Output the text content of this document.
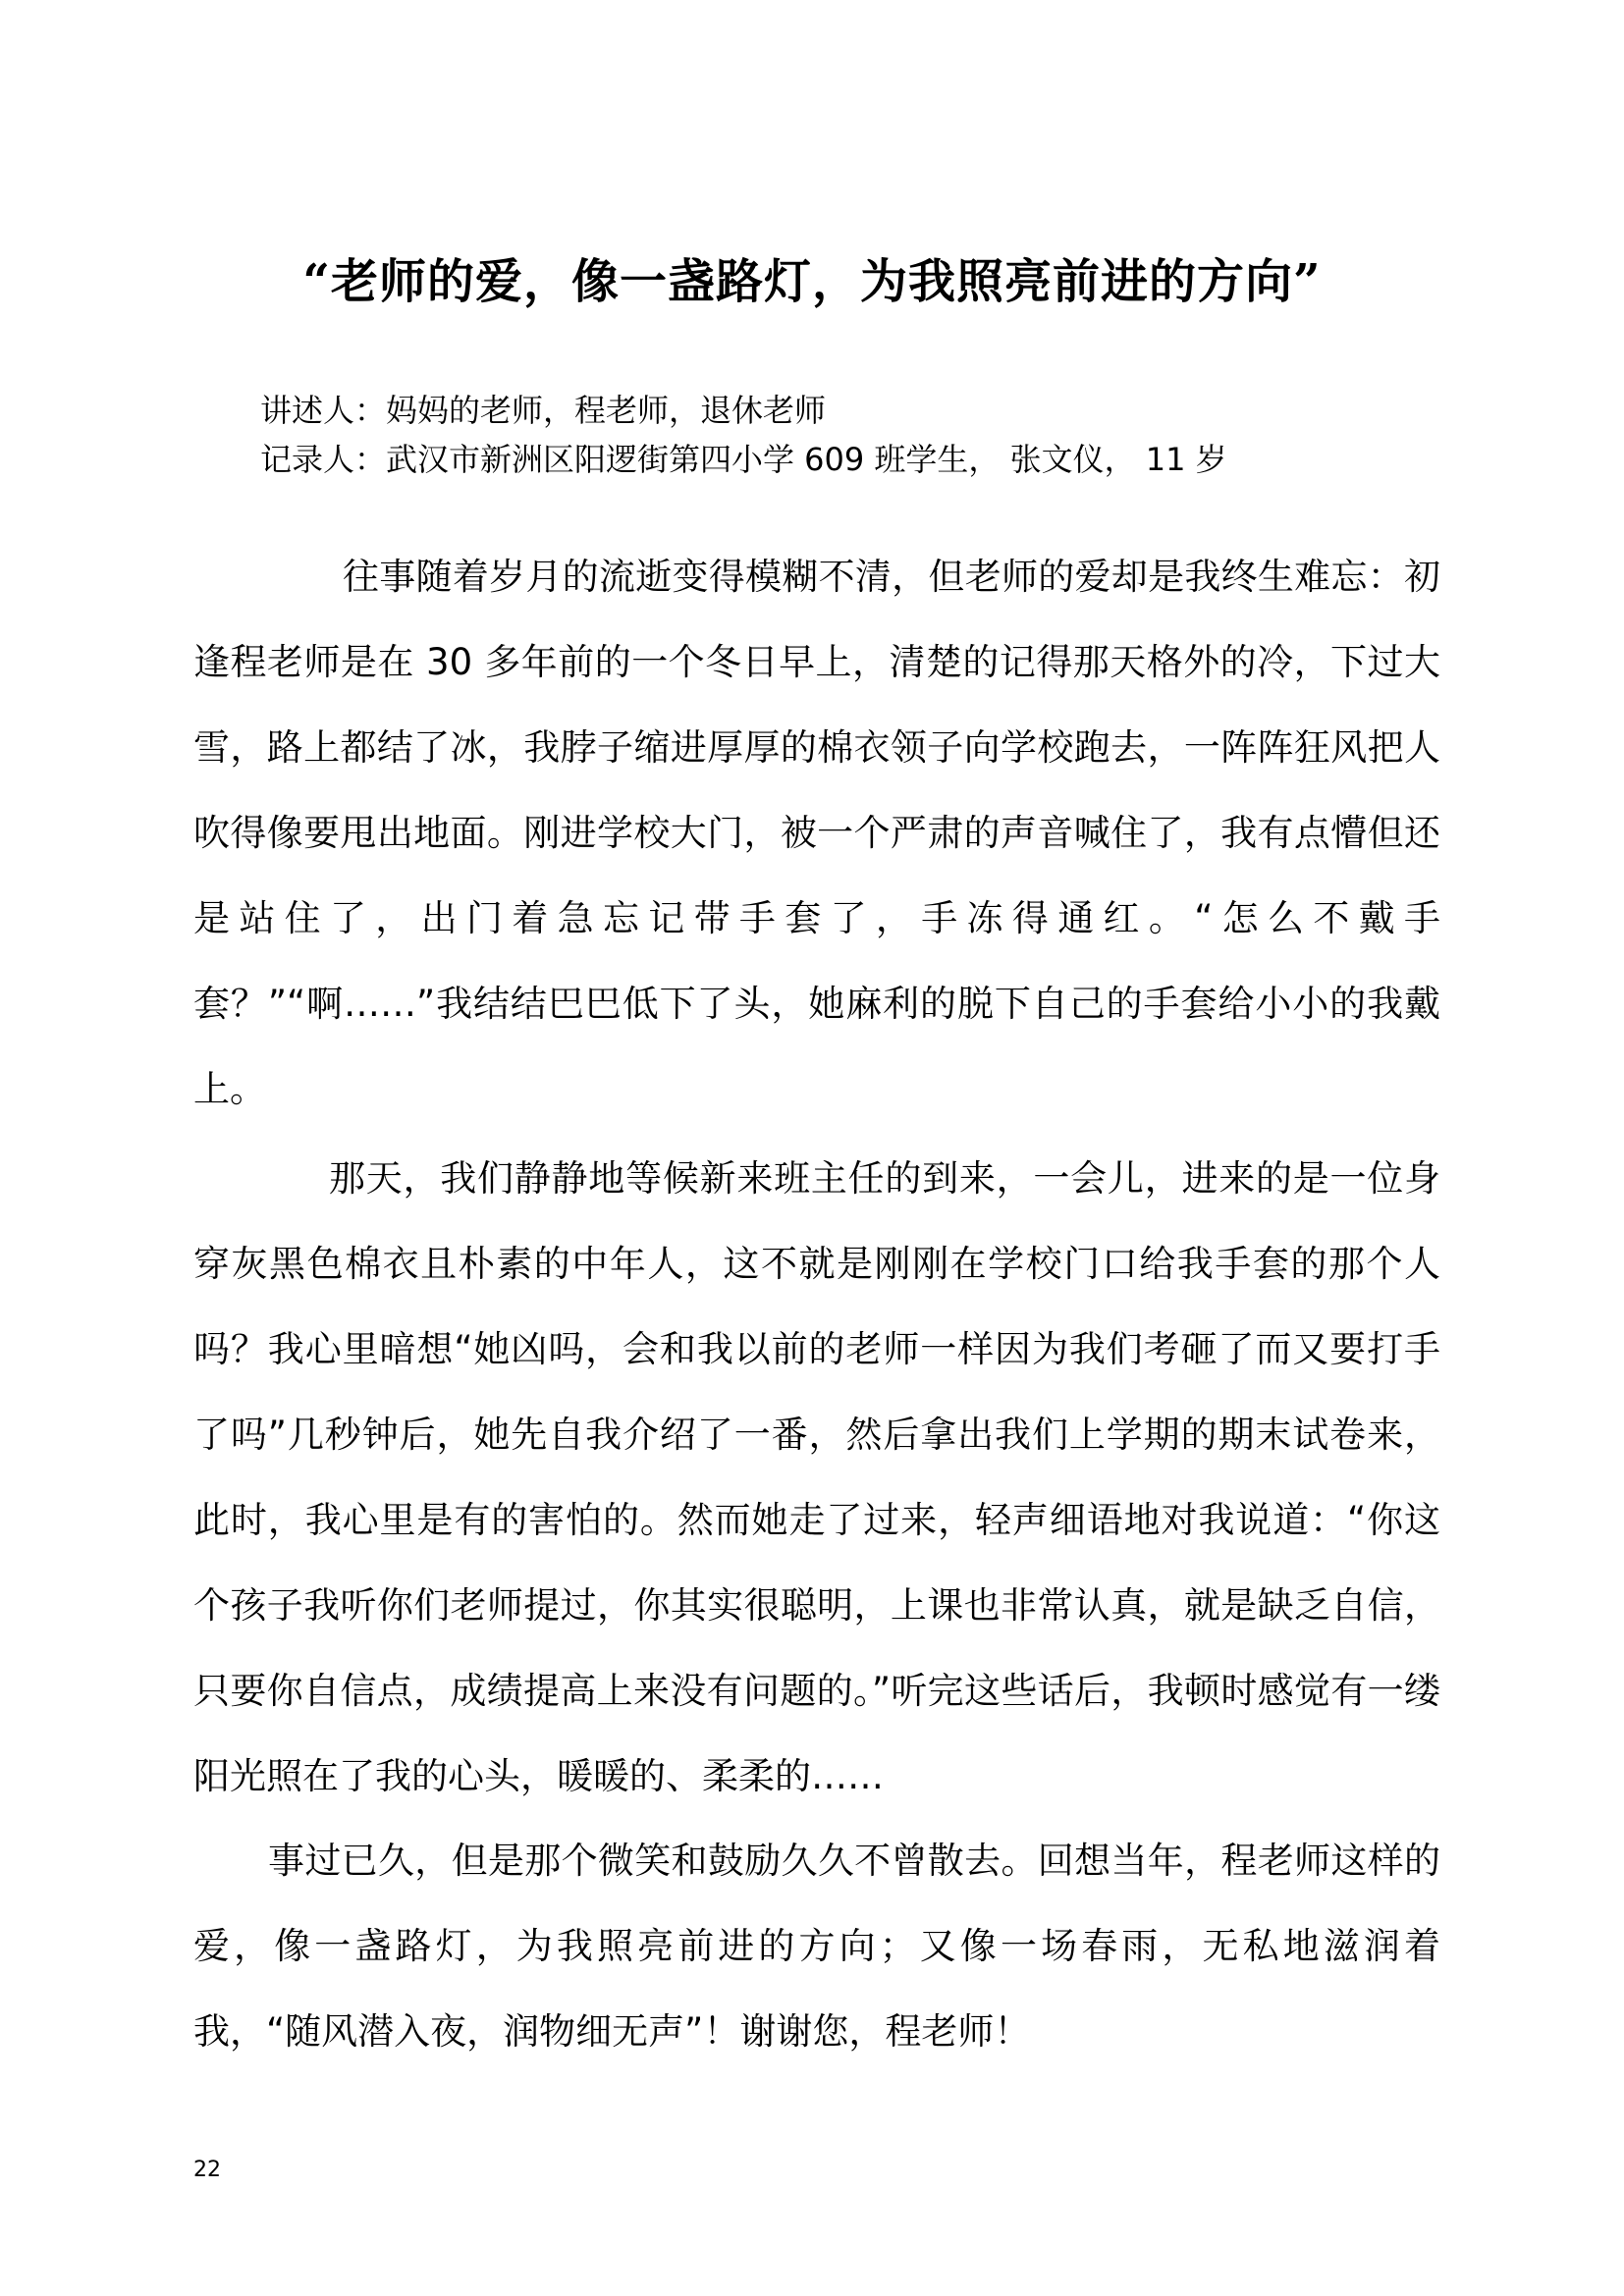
“老师的爱，像一盏路灯，为我照亮前进的方向”
讲述人：妈妈的老师，程老师，退休老师
记录人：武汉市新洲区阳逻街第四小学 609 班学生， 张文仪， 11 岁

往事随着岁月的流逝变得模糊不清，但老师的爱却是我终生难忘：初逢程老师是在 30 多年前的一个冬日早上，清楚的记得那天格外的冷，下过大雪，路上都结了冰，我脖子缩进厚厚的棉衣领子向学校跑去，一阵阵狂风把人吹得像要甩出地面。刚进学校大门，被一个严肃的声音喊住了，我有点懵但还是站住了，出门着急忘记带手套了，手冻得通红。“怎么不戴手套？”“啊……”我结结巴巴低下了头，她麻利的脱下自己的手套给小小的我戴上。

那天，我们静静地等候新来班主任的到来，一会儿，进来的是一位身穿灰黑色棉衣且朴素的中年人，这不就是刚刚在学校门口给我手套的那个人吗？我心里暗想“她凶吗，会和我以前的老师一样因为我们考砸了而又要打手了吗”几秒钟后，她先自我介绍了一番，然后拿出我们上学期的期末试卷来，此时，我心里是有的害怕的。然而她走了过来，轻声细语地对我说道：“你这个孩子我听你们老师提过，你其实很聪明，上课也非常认真，就是缺乏自信，只要你自信点，成绩提高上来没有问题的。”听完这些话后，我顿时感觉有一缕阳光照在了我的心头，暖暖的、柔柔的……

事过已久，但是那个微笑和鼓励久久不曾散去。回想当年，程老师这样的爱，像一盏路灯，为我照亮前进的方向；又像一场春雨，无私地滋润着我，“随风潜入夜，润物细无声”！谢谢您，程老师！

22
